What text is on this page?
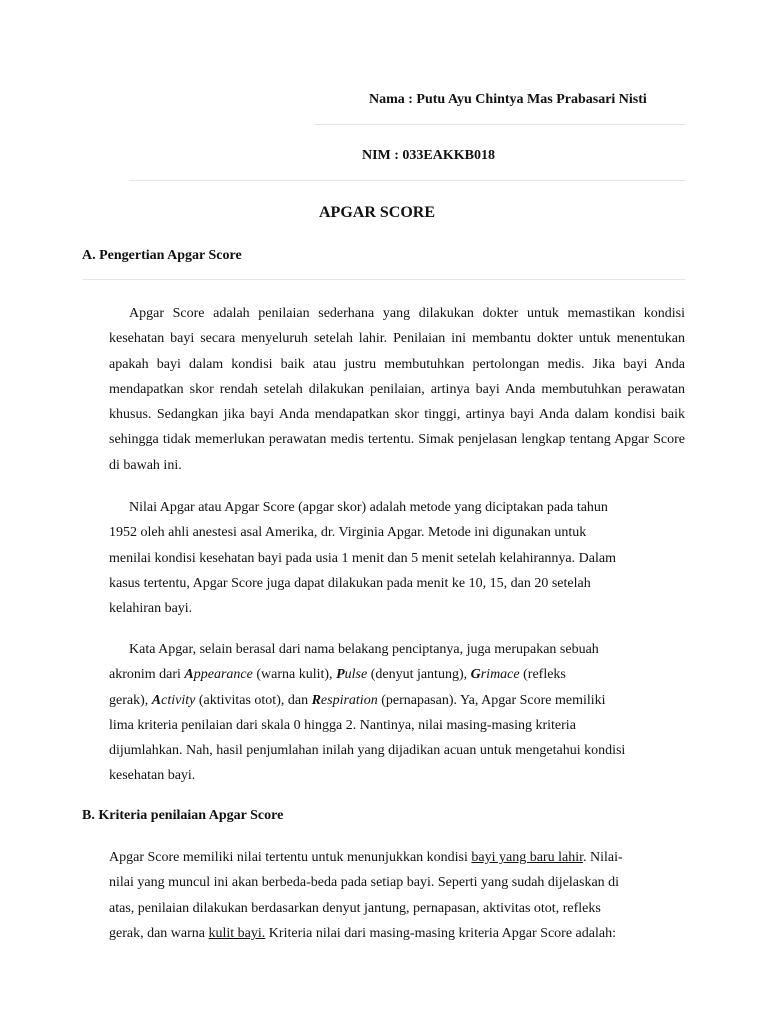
Nama : Putu Ayu Chintya Mas Prabasari Nisti
NIM : 033EAKKB018
APGAR SCORE
A. Pengertian Apgar Score

Apgar Score adalah penilaian sederhana yang dilakukan dokter untuk memastikan kondisi kesehatan bayi secara menyeluruh setelah lahir. Penilaian ini membantu dokter untuk menentukan apakah bayi dalam kondisi baik atau justru membutuhkan pertolongan medis. Jika bayi Anda mendapatkan skor rendah setelah dilakukan penilaian, artinya bayi Anda membutuhkan perawatan khusus. Sedangkan jika bayi Anda mendapatkan skor tinggi, artinya bayi Anda dalam kondisi baik sehingga tidak memerlukan perawatan medis tertentu. Simak penjelasan lengkap tentang Apgar Score di bawah ini.

Nilai Apgar atau Apgar Score (apgar skor) adalah metode yang diciptakan pada tahun
1952 oleh ahli anestesi asal Amerika, dr. Virginia Apgar. Metode ini digunakan untuk
menilai kondisi kesehatan bayi pada usia 1 menit dan 5 menit setelah kelahirannya. Dalam
kasus tertentu, Apgar Score juga dapat dilakukan pada menit ke 10, 15, dan 20 setelah
kelahiran bayi.
Kata Apgar, selain berasal dari nama belakang penciptanya, juga merupakan sebuah
akronim dari Appearance (warna kulit), Pulse (denyut jantung), Grimace (refleks
gerak), Activity (aktivitas otot), dan Respiration (pernapasan). Ya, Apgar Score memiliki
lima kriteria penilaian dari skala 0 hingga 2. Nantinya, nilai masing-masing kriteria
dijumlahkan. Nah, hasil penjumlahan inilah yang dijadikan acuan untuk mengetahui kondisi
kesehatan bayi.
B. Kriteria penilaian Apgar Score
Apgar Score memiliki nilai tertentu untuk menunjukkan kondisi bayi yang baru lahir. Nilai-
nilai yang muncul ini akan berbeda-beda pada setiap bayi. Seperti yang sudah dijelaskan di
atas, penilaian dilakukan berdasarkan denyut jantung, pernapasan, aktivitas otot, refleks
gerak, dan warna kulit bayi. Kriteria nilai dari masing-masing kriteria Apgar Score adalah:
